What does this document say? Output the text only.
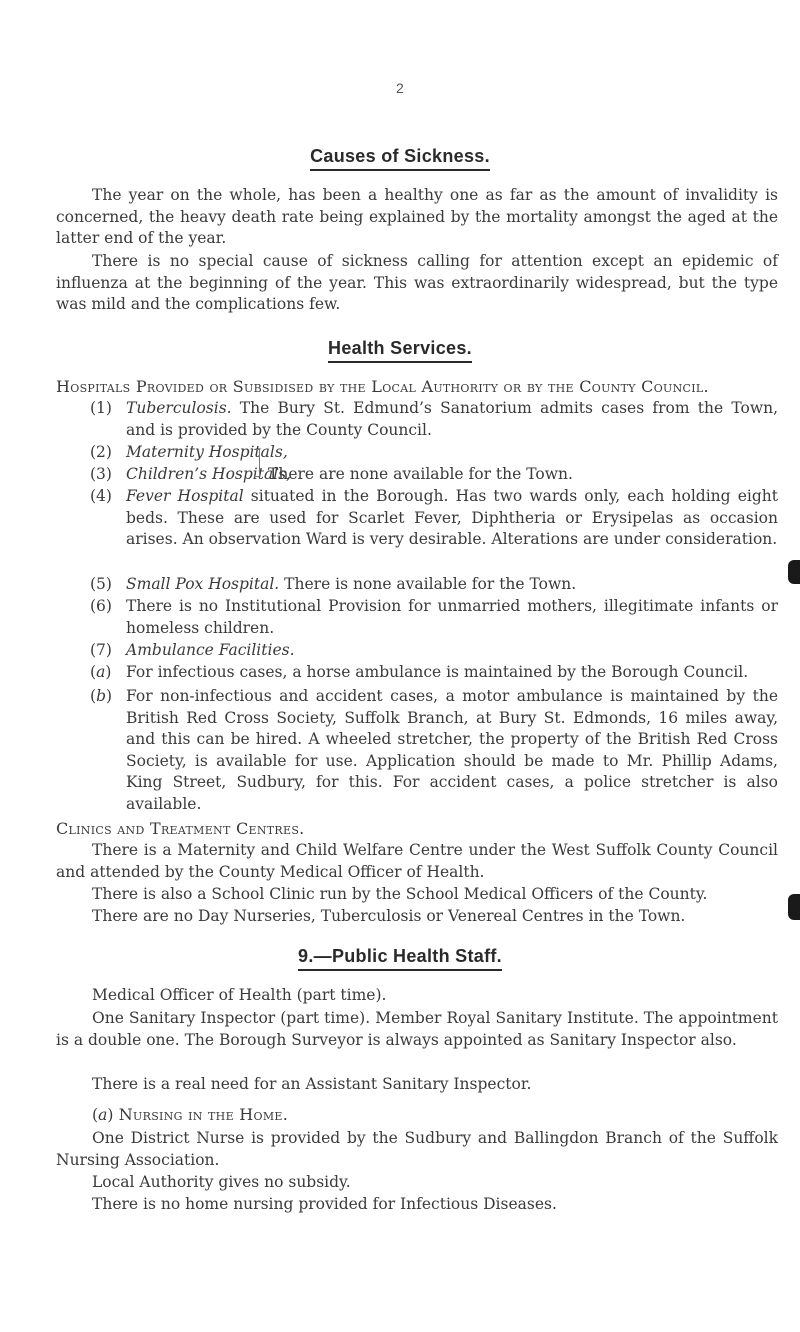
2
Causes of Sickness.

The year on the whole, has been a healthy one as far as the amount of invalidity is concerned, the heavy death rate being explained by the mortality amongst the aged at the latter end of the year.

There is no special cause of sickness calling for attention except an epidemic of influenza at the beginning of the year. This was extraordinarily widespread, but the type was mild and the complications few.

Health Services.

Hospitals Provided or Subsidised by the Local Authority or by the County Council.

(1) Tuberculosis. The Bury St. Edmund’s Sanatorium admits cases from the Town, and is provided by the County Council.
(2) Maternity Hospitals,
(3) Children’s Hospitals,
There are none available for the Town.
(4) Fever Hospital situated in the Borough. Has two wards only, each holding eight beds. These are used for Scarlet Fever, Diphtheria or Erysipelas as occasion arises. An observation Ward is very desirable. Alterations are under consideration.
(5) Small Pox Hospital. There is none available for the Town.
(6) There is no Institutional Provision for unmarried mothers, illegitimate infants or homeless children.
(7) Ambulance Facilities.
(a) For infectious cases, a horse ambulance is maintained by the Borough Council.
(b) For non-infectious and accident cases, a motor ambulance is maintained by the British Red Cross Society, Suffolk Branch, at Bury St. Edmonds, 16 miles away, and this can be hired. A wheeled stretcher, the property of the British Red Cross Society, is available for use. Application should be made to Mr. Phillip Adams, King Street, Sudbury, for this. For accident cases, a police stretcher is also available.

Clinics and Treatment Centres.

There is a Maternity and Child Welfare Centre under the West Suffolk County Council and attended by the County Medical Officer of Health.

There is also a School Clinic run by the School Medical Officers of the County.

There are no Day Nurseries, Tuberculosis or Venereal Centres in the Town.

9.—Public Health Staff.

Medical Officer of Health (part time).

One Sanitary Inspector (part time). Member Royal Sanitary Institute. The appointment is a double one. The Borough Surveyor is always appointed as Sanitary Inspector also.

There is a real need for an Assistant Sanitary Inspector.

(a) Nursing in the Home.

One District Nurse is provided by the Sudbury and Ballingdon Branch of the Suffolk Nursing Association.

Local Authority gives no subsidy.

There is no home nursing provided for Infectious Diseases.
